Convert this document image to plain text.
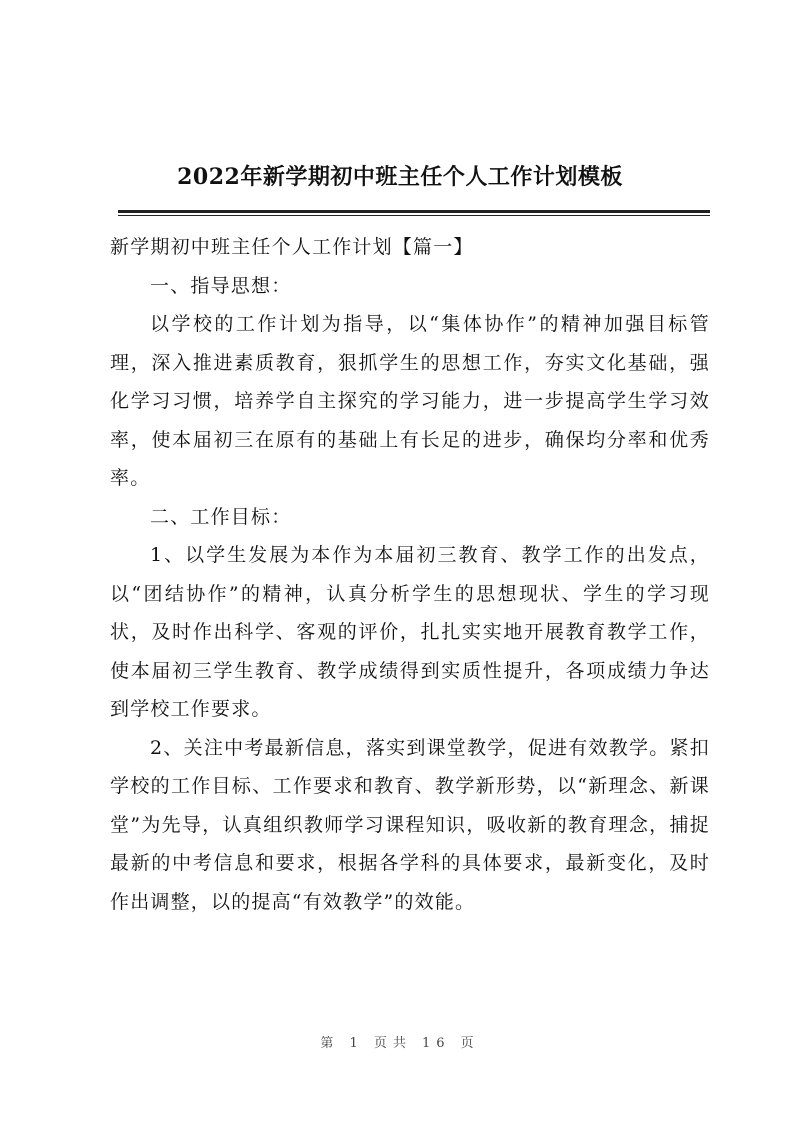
2022年新学期初中班主任个人工作计划模板

新学期初中班主任个人工作计划【篇一】

一、指导思想：

以学校的工作计划为指导，以“集体协作”的精神加强目标管理，深入推进素质教育，狠抓学生的思想工作，夯实文化基础，强化学习习惯，培养学自主探究的学习能力，进一步提高学生学习效率，使本届初三在原有的基础上有长足的进步，确保均分率和优秀率。

二、工作目标：

1、以学生发展为本作为本届初三教育、教学工作的出发点，以“团结协作”的精神，认真分析学生的思想现状、学生的学习现状，及时作出科学、客观的评价，扎扎实实地开展教育教学工作，使本届初三学生教育、教学成绩得到实质性提升，各项成绩力争达到学校工作要求。

2、关注中考最新信息，落实到课堂教学，促进有效教学。紧扣学校的工作目标、工作要求和教育、教学新形势，以“新理念、新课堂”为先导，认真组织教师学习课程知识，吸收新的教育理念，捕捉最新的中考信息和要求，根据各学科的具体要求，最新变化，及时作出调整，以的提高“有效教学”的效能。

第 1 页共 16 页
